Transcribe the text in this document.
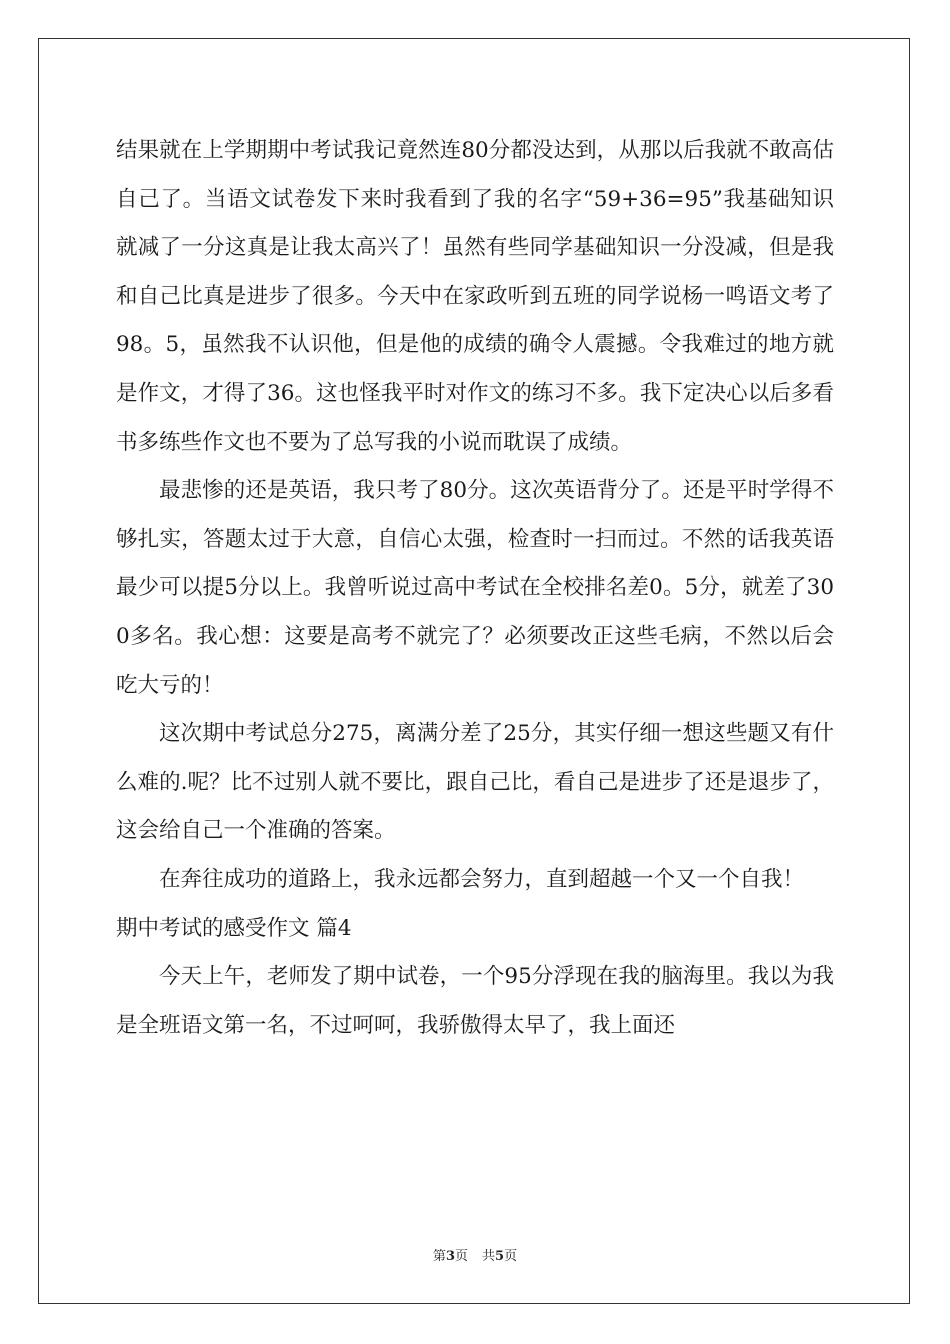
结果就在上学期期中考试我记竟然连80分都没达到，从那以后我就不敢高估自己了。当语文试卷发下来时我看到了我的名字“59+36=95”我基础知识就减了一分这真是让我太高兴了！虽然有些同学基础知识一分没减，但是我和自己比真是进步了很多。今天中在家政听到五班的同学说杨一鸣语文考了98。5，虽然我不认识他，但是他的成绩的确令人震撼。令我难过的地方就是作文，才得了36。这也怪我平时对作文的练习不多。我下定决心以后多看书多练些作文也不要为了总写我的小说而耽误了成绩。

最悲惨的还是英语，我只考了80分。这次英语背分了。还是平时学得不够扎实，答题太过于大意，自信心太强，检查时一扫而过。不然的话我英语最少可以提5分以上。我曾听说过高中考试在全校排名差0。5分，就差了300多名。我心想：这要是高考不就完了？必须要改正这些毛病，不然以后会吃大亏的！

这次期中考试总分275，离满分差了25分，其实仔细一想这些题又有什么难的.呢？比不过别人就不要比，跟自己比，看自己是进步了还是退步了，这会给自己一个准确的答案。

在奔往成功的道路上，我永远都会努力，直到超越一个又一个自我！

期中考试的感受作文 篇4

今天上午，老师发了期中试卷，一个95分浮现在我的脑海里。我以为我是全班语文第一名，不过呵呵，我骄傲得太早了，我上面还

第3页 共5页
